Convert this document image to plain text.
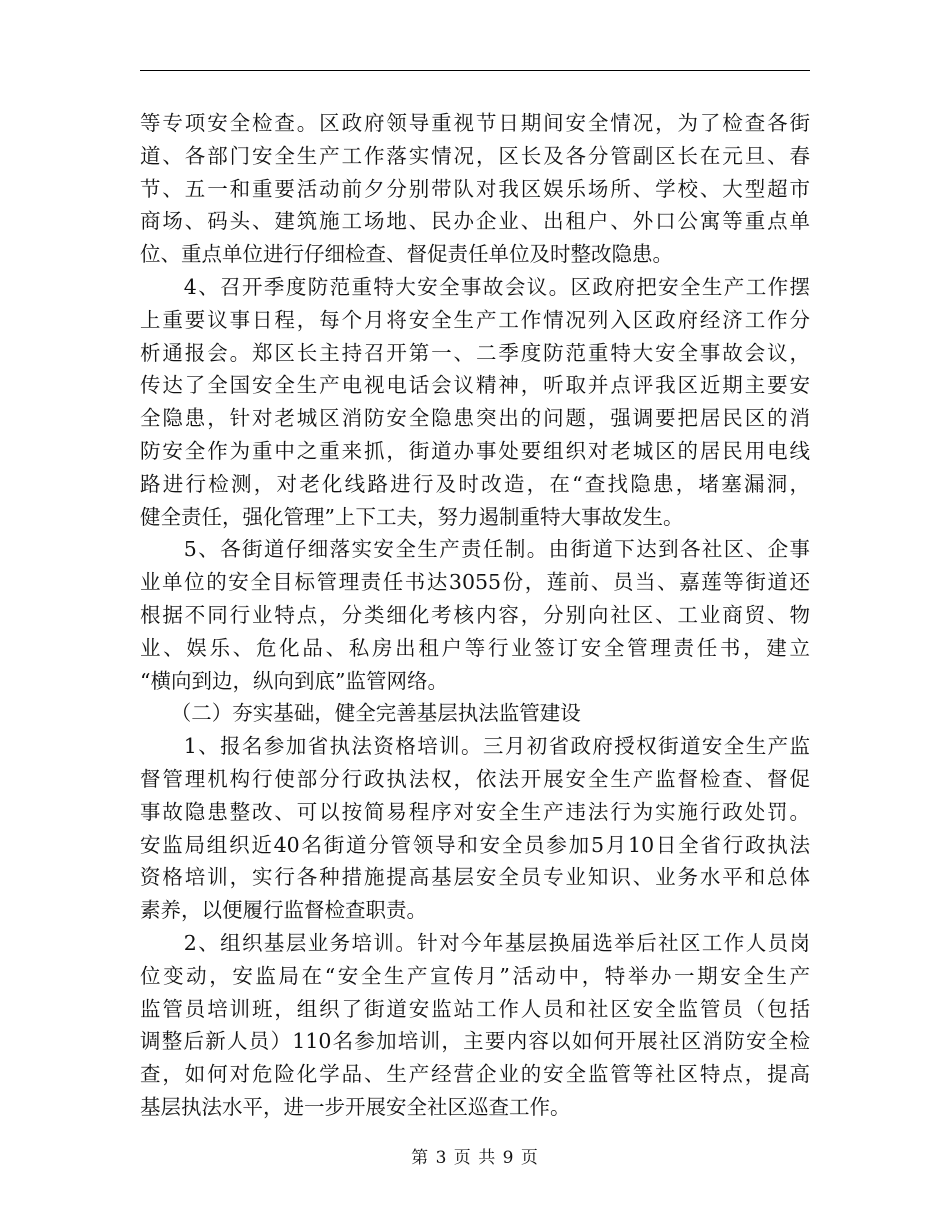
等专项安全检查。区政府领导重视节日期间安全情况，为了检查各街
道、各部门安全生产工作落实情况，区长及各分管副区长在元旦、春
节、五一和重要活动前夕分别带队对我区娱乐场所、学校、大型超市
商场、码头、建筑施工场地、民办企业、出租户、外口公寓等重点单
位、重点单位进行仔细检查、督促责任单位及时整改隐患。
　　4、召开季度防范重特大安全事故会议。区政府把安全生产工作摆
上重要议事日程，每个月将安全生产工作情况列入区政府经济工作分
析通报会。郑区长主持召开第一、二季度防范重特大安全事故会议，
传达了全国安全生产电视电话会议精神，听取并点评我区近期主要安
全隐患，针对老城区消防安全隐患突出的问题，强调要把居民区的消
防安全作为重中之重来抓，街道办事处要组织对老城区的居民用电线
路进行检测，对老化线路进行及时改造，在“查找隐患，堵塞漏洞，
健全责任，强化管理”上下工夫，努力遏制重特大事故发生。
　　5、各街道仔细落实安全生产责任制。由街道下达到各社区、企事
业单位的安全目标管理责任书达3055份，莲前、员当、嘉莲等街道还
根据不同行业特点，分类细化考核内容，分别向社区、工业商贸、物
业、娱乐、危化品、私房出租户等行业签订安全管理责任书，建立
“横向到边，纵向到底”监管网络。
　　（二）夯实基础，健全完善基层执法监管建设
　　1、报名参加省执法资格培训。三月初省政府授权街道安全生产监
督管理机构行使部分行政执法权，依法开展安全生产监督检查、督促
事故隐患整改、可以按简易程序对安全生产违法行为实施行政处罚。
安监局组织近40名街道分管领导和安全员参加5月10日全省行政执法
资格培训，实行各种措施提高基层安全员专业知识、业务水平和总体
素养，以便履行监督检查职责。
　　2、组织基层业务培训。针对今年基层换届选举后社区工作人员岗
位变动，安监局在“安全生产宣传月”活动中，特举办一期安全生产
监管员培训班，组织了街道安监站工作人员和社区安全监管员（包括
调整后新人员）110名参加培训，主要内容以如何开展社区消防安全检
查，如何对危险化学品、生产经营企业的安全监管等社区特点，提高
基层执法水平，进一步开展安全社区巡查工作。
第 3 页 共 9 页
